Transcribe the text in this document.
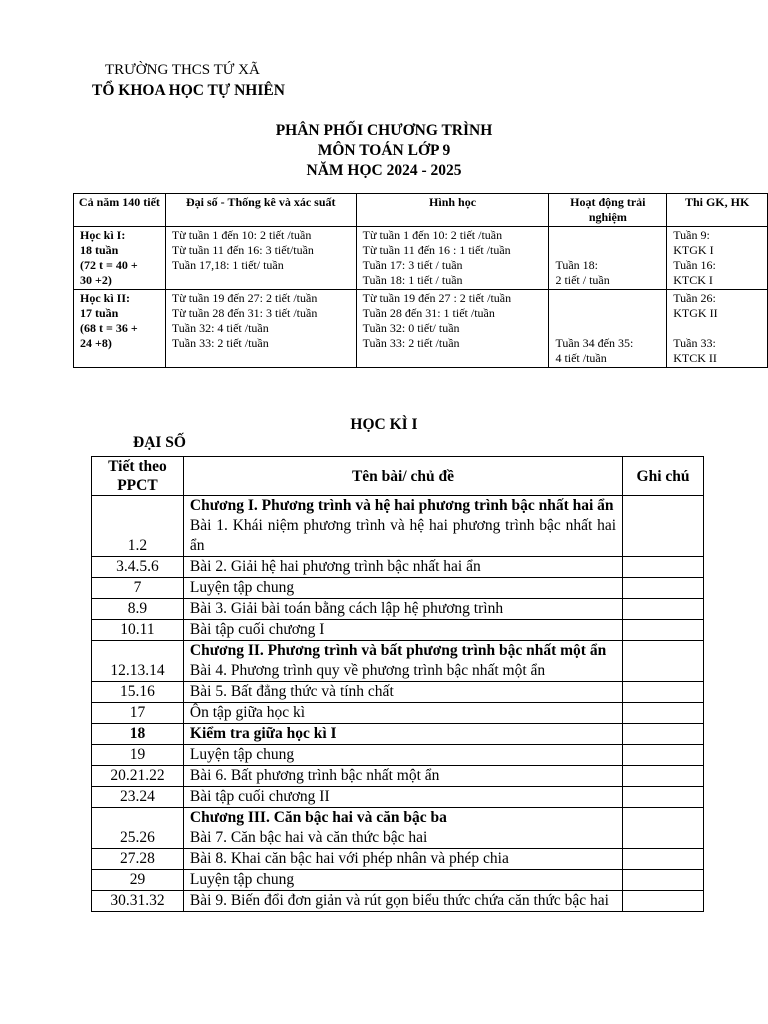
TRƯỜNG THCS TỨ XÃ
TỔ KHOA HỌC TỰ NHIÊN
PHÂN PHỐI CHƯƠNG TRÌNH
MÔN TOÁN LỚP 9
NĂM HỌC 2024 - 2025
Cả năm 140 tiết	Đại số - Thống kê và xác suất	Hình học	Hoạt động trải nghiệm	Thi GK, HK

Học kì I:
18 tuần
(72 t = 40 +
30 +2)	Từ tuần 1 đến 10: 2 tiết /tuần
Từ tuần 11 đến 16: 3 tiết/tuần
Tuần 17,18: 1 tiết/ tuần	Từ tuần 1 đến 10: 2 tiết /tuần
Từ tuần 11 đến 16 : 1 tiết /tuần
Tuần 17: 3 tiết / tuần
Tuần 18: 1 tiết / tuần	Tuần 18:
2 tiết / tuần	Tuần 9:
KTGK I
Tuần 16:
KTCK I

Học kì II:
17 tuần
(68 t = 36 +
24 +8)	Từ tuần 19 đến 27: 2 tiết /tuần
Từ tuần 28 đến 31: 3 tiết /tuần
Tuần 32: 4 tiết /tuần
Tuần 33: 2 tiết /tuần	Từ tuần 19 đến 27 : 2 tiết /tuần
Tuần 28 đến 31: 1 tiết /tuần
Tuần 32: 0 tiết/ tuần
Tuần 33: 2 tiết /tuần	Tuần 34 đến 35:
4 tiết /tuần	Tuần 26:
KTGK II
Tuần 33:
KTCK II
HỌC KÌ I
ĐẠI SỐ
Tiết theo PPCT	Tên bài/ chủ đề	Ghi chú
1.2	Chương I. Phương trình và hệ hai phương trình bậc nhất hai ẩn
Bài 1. Khái niệm phương trình và hệ hai phương trình bậc nhất hai ẩn	
3.4.5.6	Bài 2. Giải hệ hai phương trình bậc nhất hai ẩn	
7	Luyện tập chung	
8.9	Bài 3. Giải bài toán bằng cách lập hệ phương trình	
10.11	Bài tập cuối chương I	
12.13.14	Chương II. Phương trình và bất phương trình bậc nhất một ẩn
Bài 4. Phương trình quy về phương trình bậc nhất một ẩn	
15.16	Bài 5. Bất đẳng thức và tính chất	
17	Ôn tập giữa học kì	
18	Kiểm tra giữa học kì I	
19	Luyện tập chung	
20.21.22	Bài 6. Bất phương trình bậc nhất một ẩn	
23.24	Bài tập cuối chương II	
25.26	Chương III. Căn bậc hai và căn bậc ba
Bài 7. Căn bậc hai và căn thức bậc hai	
27.28	Bài 8. Khai căn bậc hai với phép nhân và phép chia	
29	Luyện tập chung	
30.31.32	Bài 9. Biến đổi đơn giản và rút gọn biểu thức chứa căn thức bậc hai	
